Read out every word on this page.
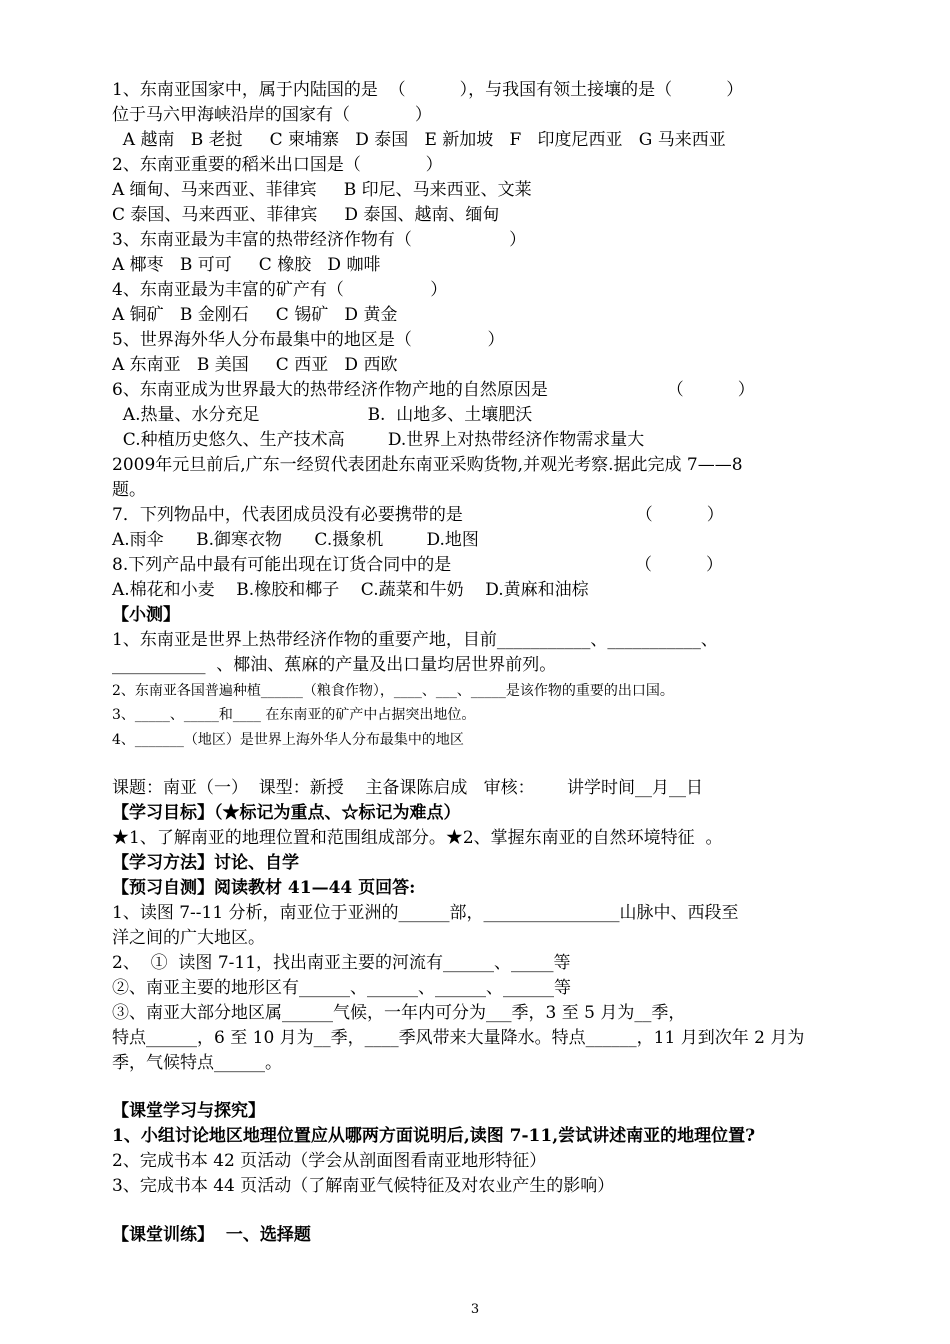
1、东南亚国家中，属于内陆国的是  （          ），与我国有领土接壤的是（          ）
位于马六甲海峡沿岸的国家有（            ）
A 越南   B 老挝     C 柬埔寨   D 泰国   E 新加坡   F   印度尼西亚   G 马来西亚
2、东南亚重要的稻米出口国是（            ）
A 缅甸、马来西亚、菲律宾     B 印尼、马来西亚、文莱
C 泰国、马来西亚、菲律宾     D 泰国、越南、缅甸
3、东南亚最为丰富的热带经济作物有（                  ）
A 椰枣   B 可可     C 橡胶   D 咖啡
4、东南亚最为丰富的矿产有（                ）
A 铜矿   B 金刚石     C 锡矿   D 黄金
5、世界海外华人分布最集中的地区是（              ）
A 东南亚   B 美国     C 西亚   D 西欧
6、东南亚成为世界最大的热带经济作物产地的自然原因是                      （          ）
A.热量、水分充足                    B.  山地多、土壤肥沃
C.种植历史悠久、生产技术高        D.世界上对热带经济作物需求量大
2009年元旦前后,广东一经贸代表团赴东南亚采购货物,并观光考察.据此完成 7——8
题。
7．下列物品中，代表团成员没有必要携带的是                                （          ）
A.雨伞      B.御寒衣物      C.摄象机        D.地图
8.下列产品中最有可能出现在订货合同中的是                                  （          ）
A.棉花和小麦    B.橡胶和椰子    C.蔬菜和牛奶    D.黄麻和油棕
【小测】
1、东南亚是世界上热带经济作物的重要产地，目前___________、___________、
___________  、椰油、蕉麻的产量及出口量均居世界前列。
2、东南亚各国普遍种植______（粮食作物），____、___、_____是该作物的重要的出口国。
3、_____、_____和____ 在东南亚的矿产中占据突出地位。
4、_______（地区）是世界上海外华人分布最集中的地区
课题：南亚（一）  课型：新授    主备课陈启成   审核：      讲学时间__月__日
【学习目标】（★标记为重点、☆标记为难点）
★1、了解南亚的地理位置和范围组成部分。★2、掌握东南亚的自然环境特征  。
【学习方法】讨论、自学
【预习自测】阅读教材 41—44 页回答:
1、读图 7--11 分析，南亚位于亚洲的______部，________________山脉中、西段至
洋之间的广大地区。
2、  ①  读图 7-11，找出南亚主要的河流有______、_____等
②、南亚主要的地形区有______、______、______、______等
③、南亚大部分地区属______气候，一年内可分为___季，3 至 5 月为__季，
特点______，6 至 10 月为__季，____季风带来大量降水。特点______，11 月到次年 2 月为
季，气候特点______。
【课堂学习与探究】
1、小组讨论地区地理位置应从哪两方面说明后,读图 7-11,尝试讲述南亚的地理位置?
2、完成书本 42 页活动（学会从剖面图看南亚地形特征）
3、完成书本 44 页活动（了解南亚气候特征及对农业产生的影响）
【课堂训练】  一、选择题
3
